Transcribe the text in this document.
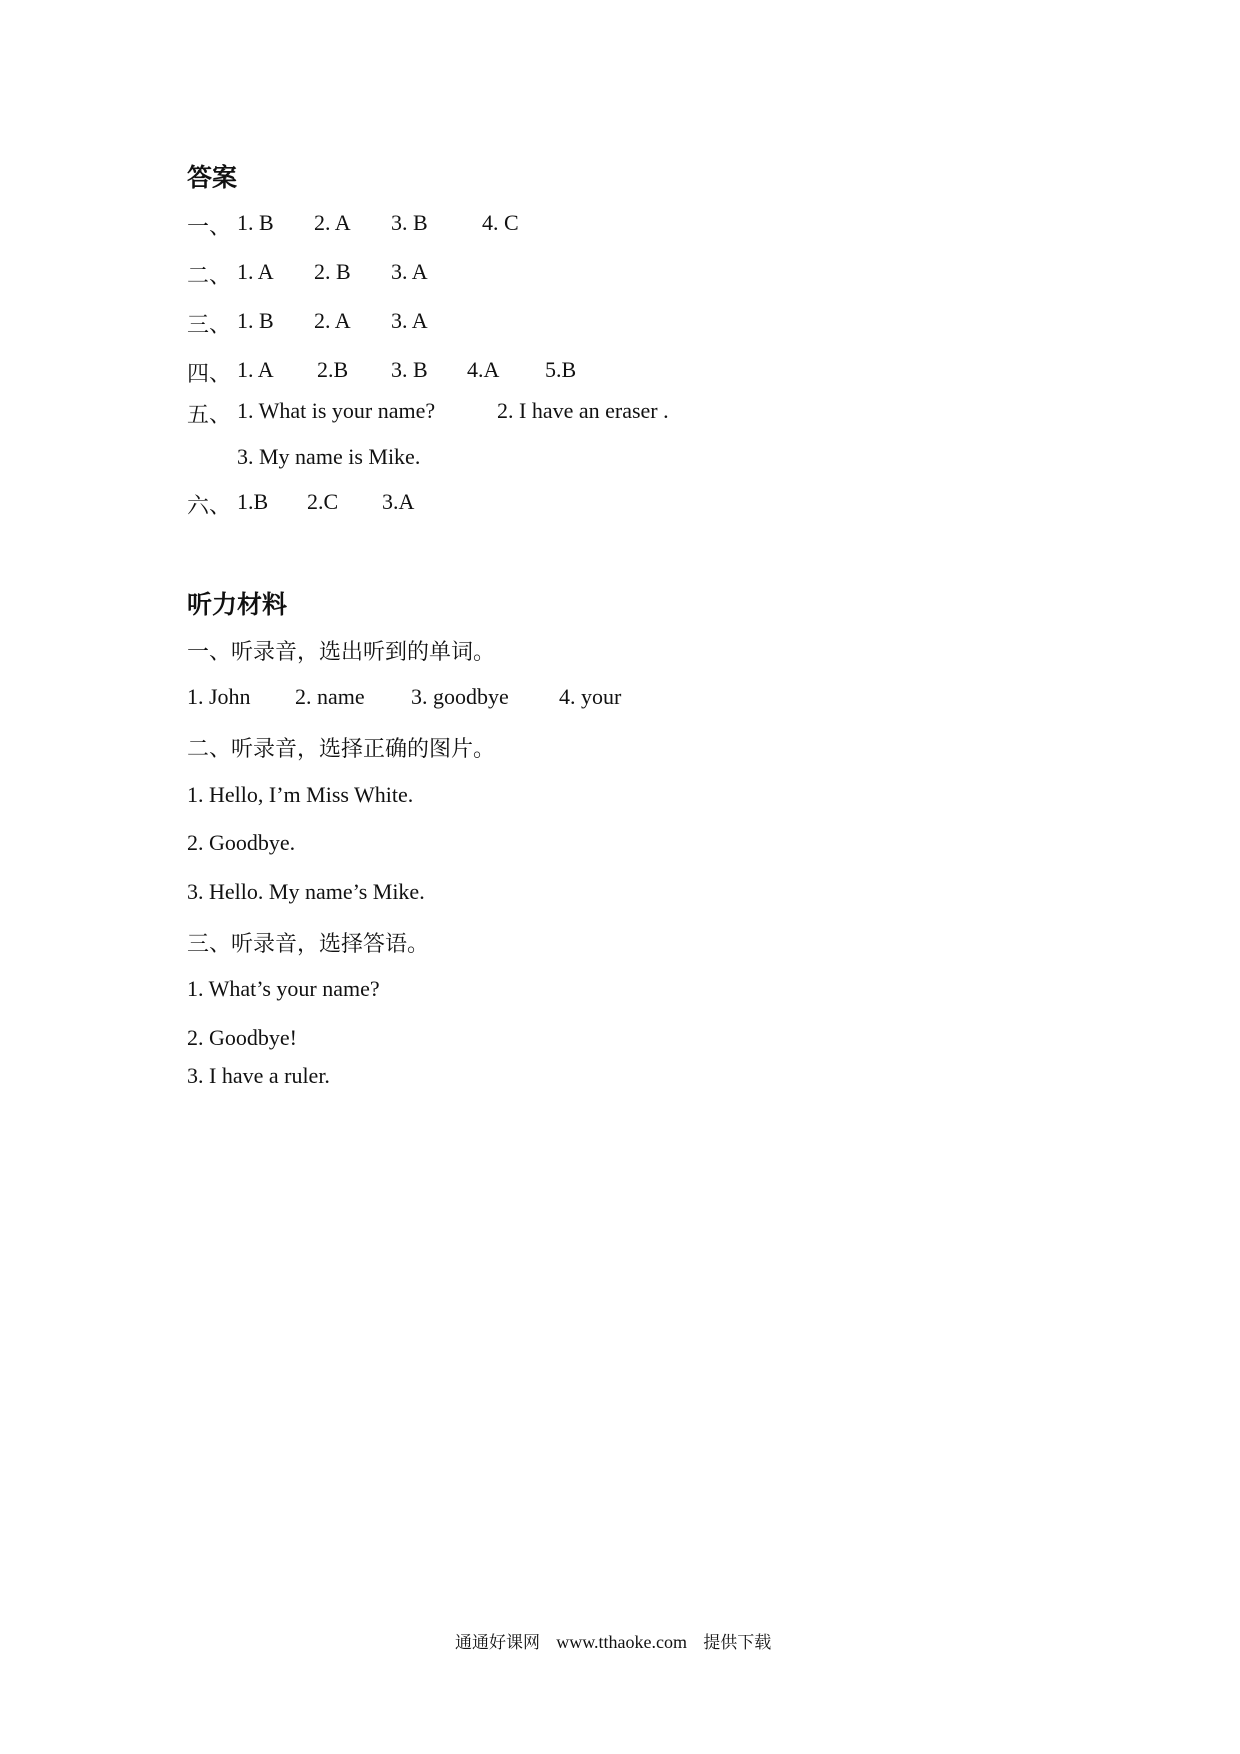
答案
一、 1. B 2. A 3. B 4. C
二、 1. A 2. B 3. A
三、 1. B 2. A 3. A
四、 1. A 2.B 3. B 4.A 5.B
五、 1. What is your name?	2. I have an eraser .
3. My name is Mike.
六、 1.B 2.C 3.A
听力材料
一、听录音，选出听到的单词。
1. John 2. name 3. goodbye 4. your
二、听录音，选择正确的图片。
1. Hello, I’m Miss White.
2. Goodbye.
3. Hello. My name’s Mike.
三、听录音，选择答语。
1. What’s your name?
2. Goodbye!
3. I have a ruler.
通通好课网 www.tthaoke.com 提供下载
